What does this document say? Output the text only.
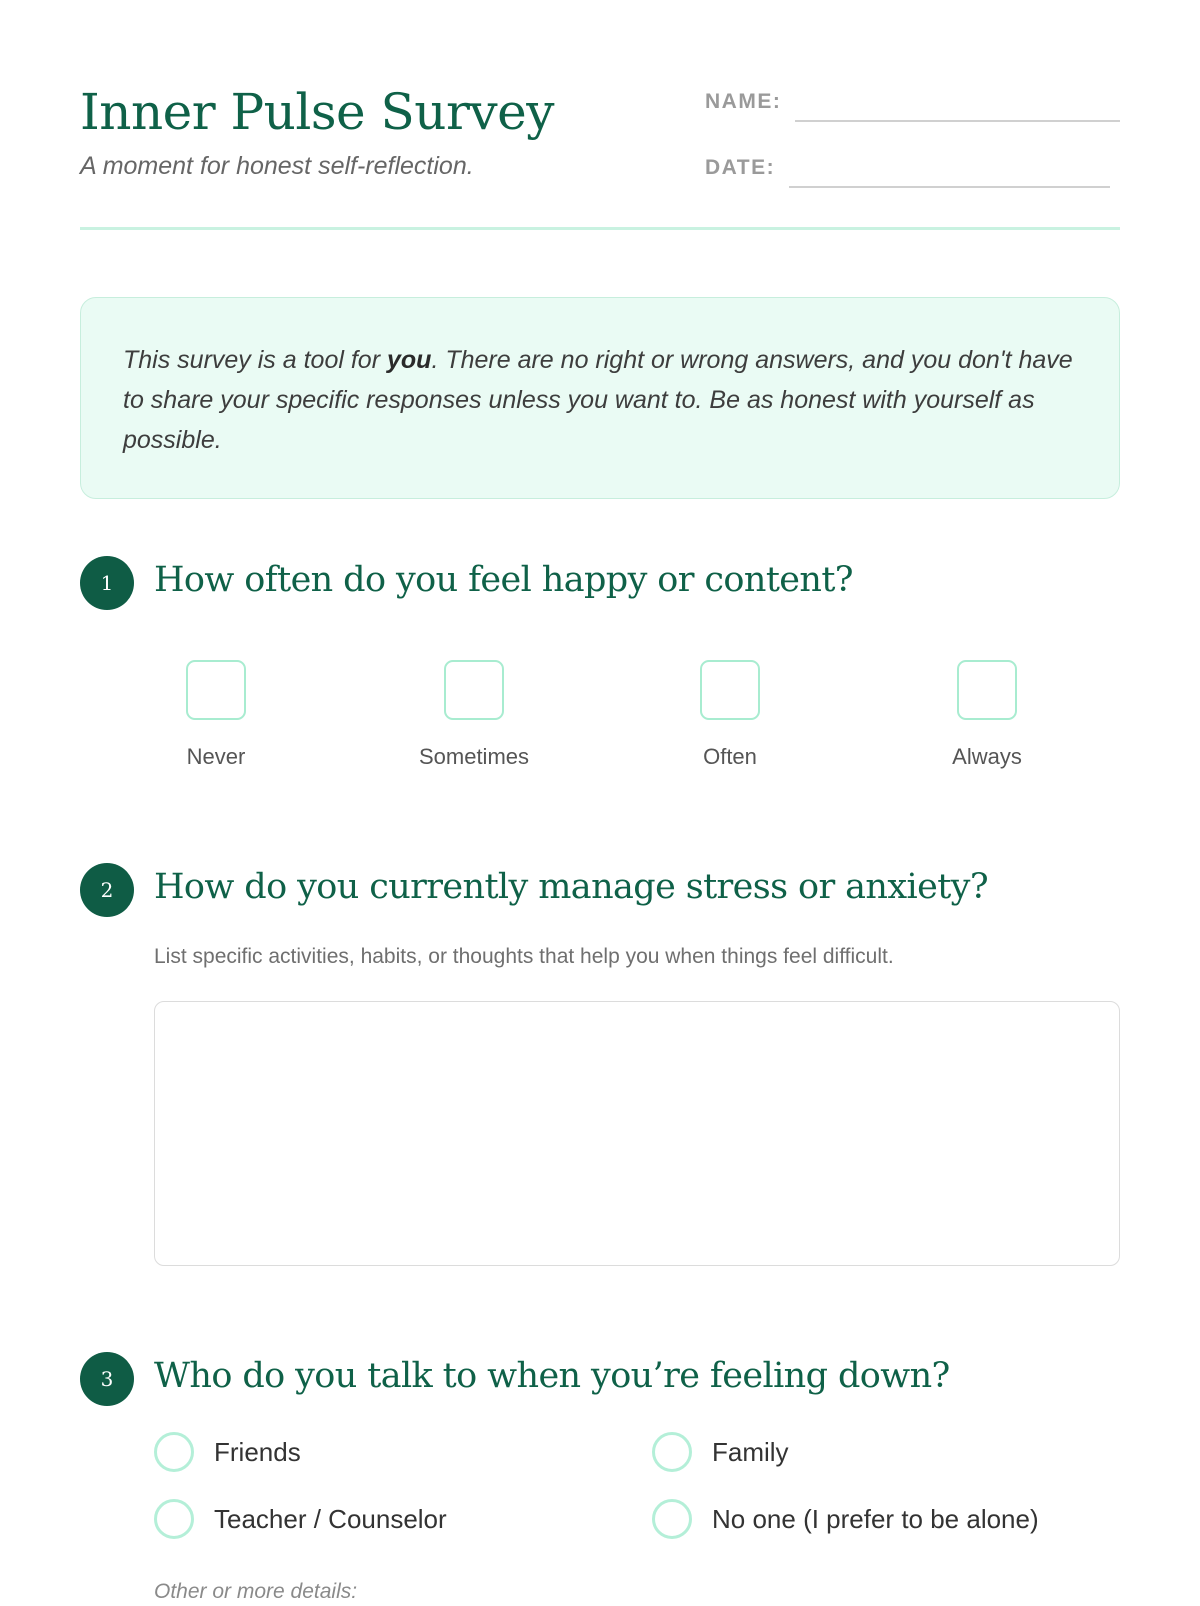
Inner Pulse Survey
A moment for honest self-reflection.
NAME:
DATE:
This survey is a tool for you. There are no right or wrong answers, and you don't have to share your specific responses unless you want to. Be as honest with yourself as possible.
1	How often do you feel happy or content?
Never	Sometimes	Often	Always
2	How do you currently manage stress or anxiety?
List specific activities, habits, or thoughts that help you when things feel difficult.
3	Who do you talk to when you’re feeling down?
Friends	Family
Teacher / Counselor	No one (I prefer to be alone)
Other or more details:
